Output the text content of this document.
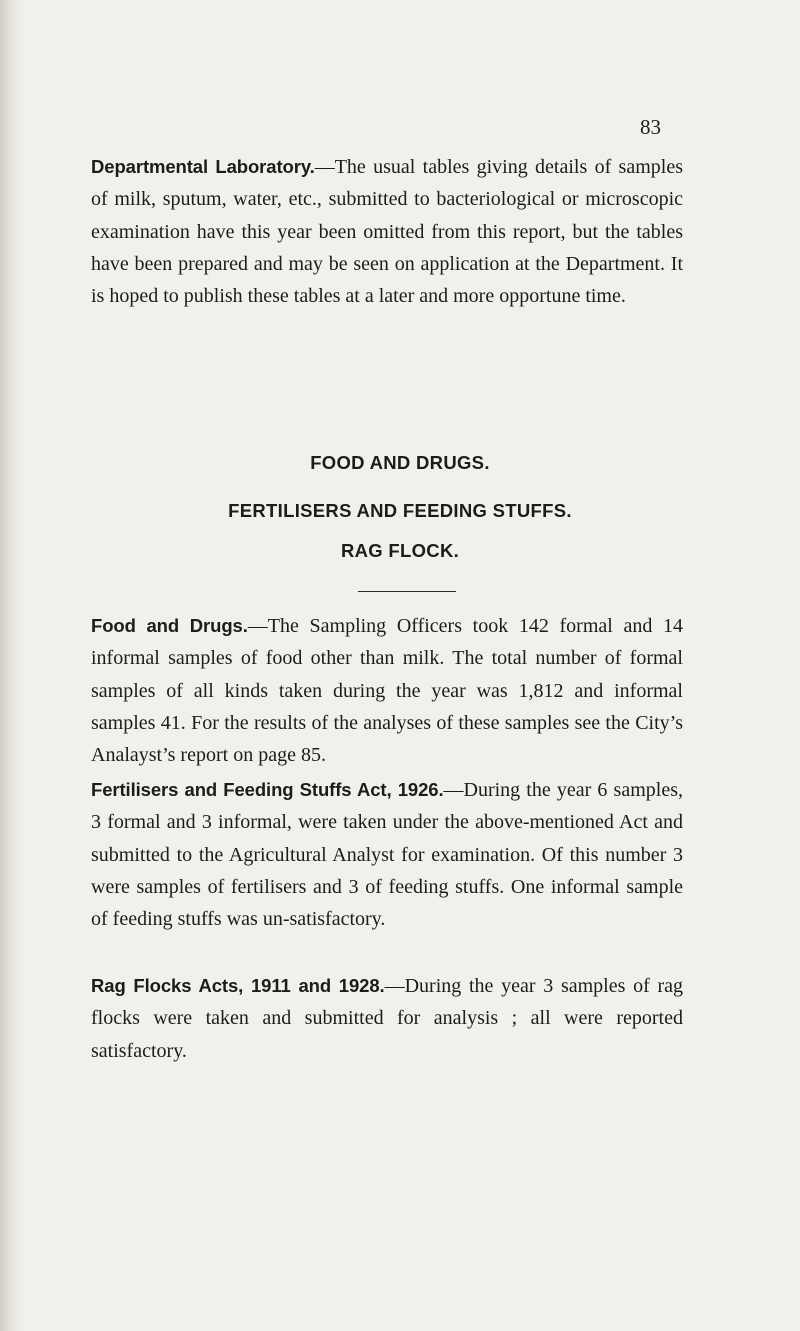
83

Departmental Laboratory.—The usual tables giving details of samples of milk, sputum, water, etc., submitted to bacteriological or microscopic examination have this year been omitted from this report, but the tables have been prepared and may be seen on application at the Department. It is hoped to publish these tables at a later and more opportune time.

FOOD AND DRUGS.
FERTILISERS AND FEEDING STUFFS.
RAG FLOCK.

Food and Drugs.—The Sampling Officers took 142 formal and 14 informal samples of food other than milk. The total number of formal samples of all kinds taken during the year was 1,812 and informal samples 41. For the results of the analyses of these samples see the City’s Analayst’s report on page 85.

Fertilisers and Feeding Stuffs Act, 1926.—During the year 6 samples, 3 formal and 3 informal, were taken under the above-mentioned Act and submitted to the Agricultural Analyst for examination. Of this number 3 were samples of fertilisers and 3 of feeding stuffs. One informal sample of feeding stuffs was un-satisfactory.

Rag Flocks Acts, 1911 and 1928.—During the year 3 samples of rag flocks were taken and submitted for analysis ; all were reported satisfactory.
